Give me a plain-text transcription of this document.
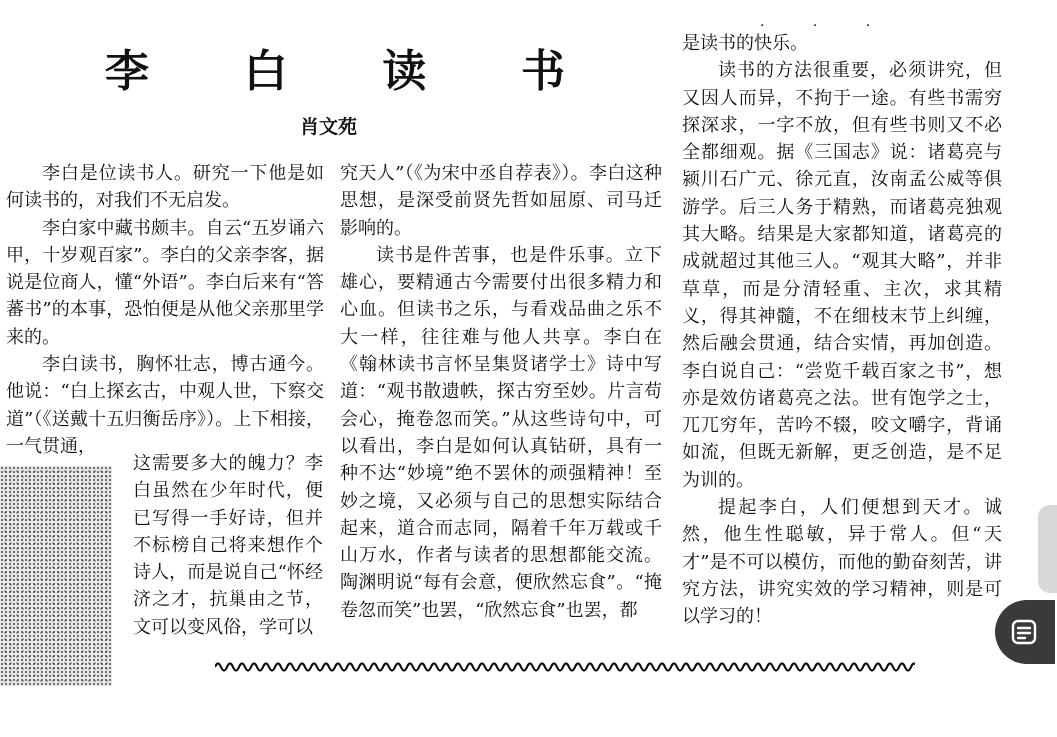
· · ·
李 白 读 书
肖文苑

李白是位读书人。研究一下他是如何读书的，对我们不无启发。

李白家中藏书颇丰。自云“五岁诵六甲，十岁观百家”。李白的父亲李客，据说是位商人，懂“外语”。李白后来有“答蕃书”的本事，恐怕便是从他父亲那里学来的。

李白读书，胸怀壮志，博古通今。他说：“白上探玄古，中观人世，下察交道”（《送戴十五归衡岳序》）。上下相接，一气贯通，

这需要多大的魄力？李白虽然在少年时代，便已写得一手好诗，但并不标榜自己将来想作个诗人，而是说自己“怀经济之才，抗巢由之节，文可以变风俗，学可以

究天人”（《为宋中丞自荐表》）。李白这种思想，是深受前贤先哲如屈原、司马迁影响的。

读书是件苦事，也是件乐事。立下雄心，要精通古今需要付出很多精力和心血。但读书之乐，与看戏品曲之乐不大一样，往往难与他人共享。李白在《翰林读书言怀呈集贤诸学士》诗中写道：“观书散遗帙，探古穷至妙。片言苟会心，掩卷忽而笑。”从这些诗句中，可以看出，李白是如何认真钻研，具有一种不达“妙境”绝不罢休的顽强精神！至妙之境，又必须与自己的思想实际结合起来，道合而志同，隔着千年万载或千山万水，作者与读者的思想都能交流。陶渊明说“每有会意，便欣然忘食”。“掩卷忽而笑”也罢，“欣然忘食”也罢，都

是读书的快乐。

读书的方法很重要，必须讲究，但又因人而异，不拘于一途。有些书需穷探深求，一字不放，但有些书则又不必全都细观。据《三国志》说：诸葛亮与颍川石广元、徐元直，汝南孟公威等俱游学。后三人务于精熟，而诸葛亮独观其大略。结果是大家都知道，诸葛亮的成就超过其他三人。“观其大略”，并非草草，而是分清轻重、主次，求其精义，得其神髓，不在细枝末节上纠缠，然后融会贯通，结合实情，再加创造。李白说自己：“尝览千载百家之书”，想亦是效仿诸葛亮之法。世有饱学之士，兀兀穷年，苦吟不辍，咬文嚼字，背诵如流，但既无新解，更乏创造，是不足为训的。

提起李白，人们便想到天才。诚然，他生性聪敏，异于常人。但“天才”是不可以模仿，而他的勤奋刻苦，讲究方法，讲究实效的学习精神，则是可以学习的！
